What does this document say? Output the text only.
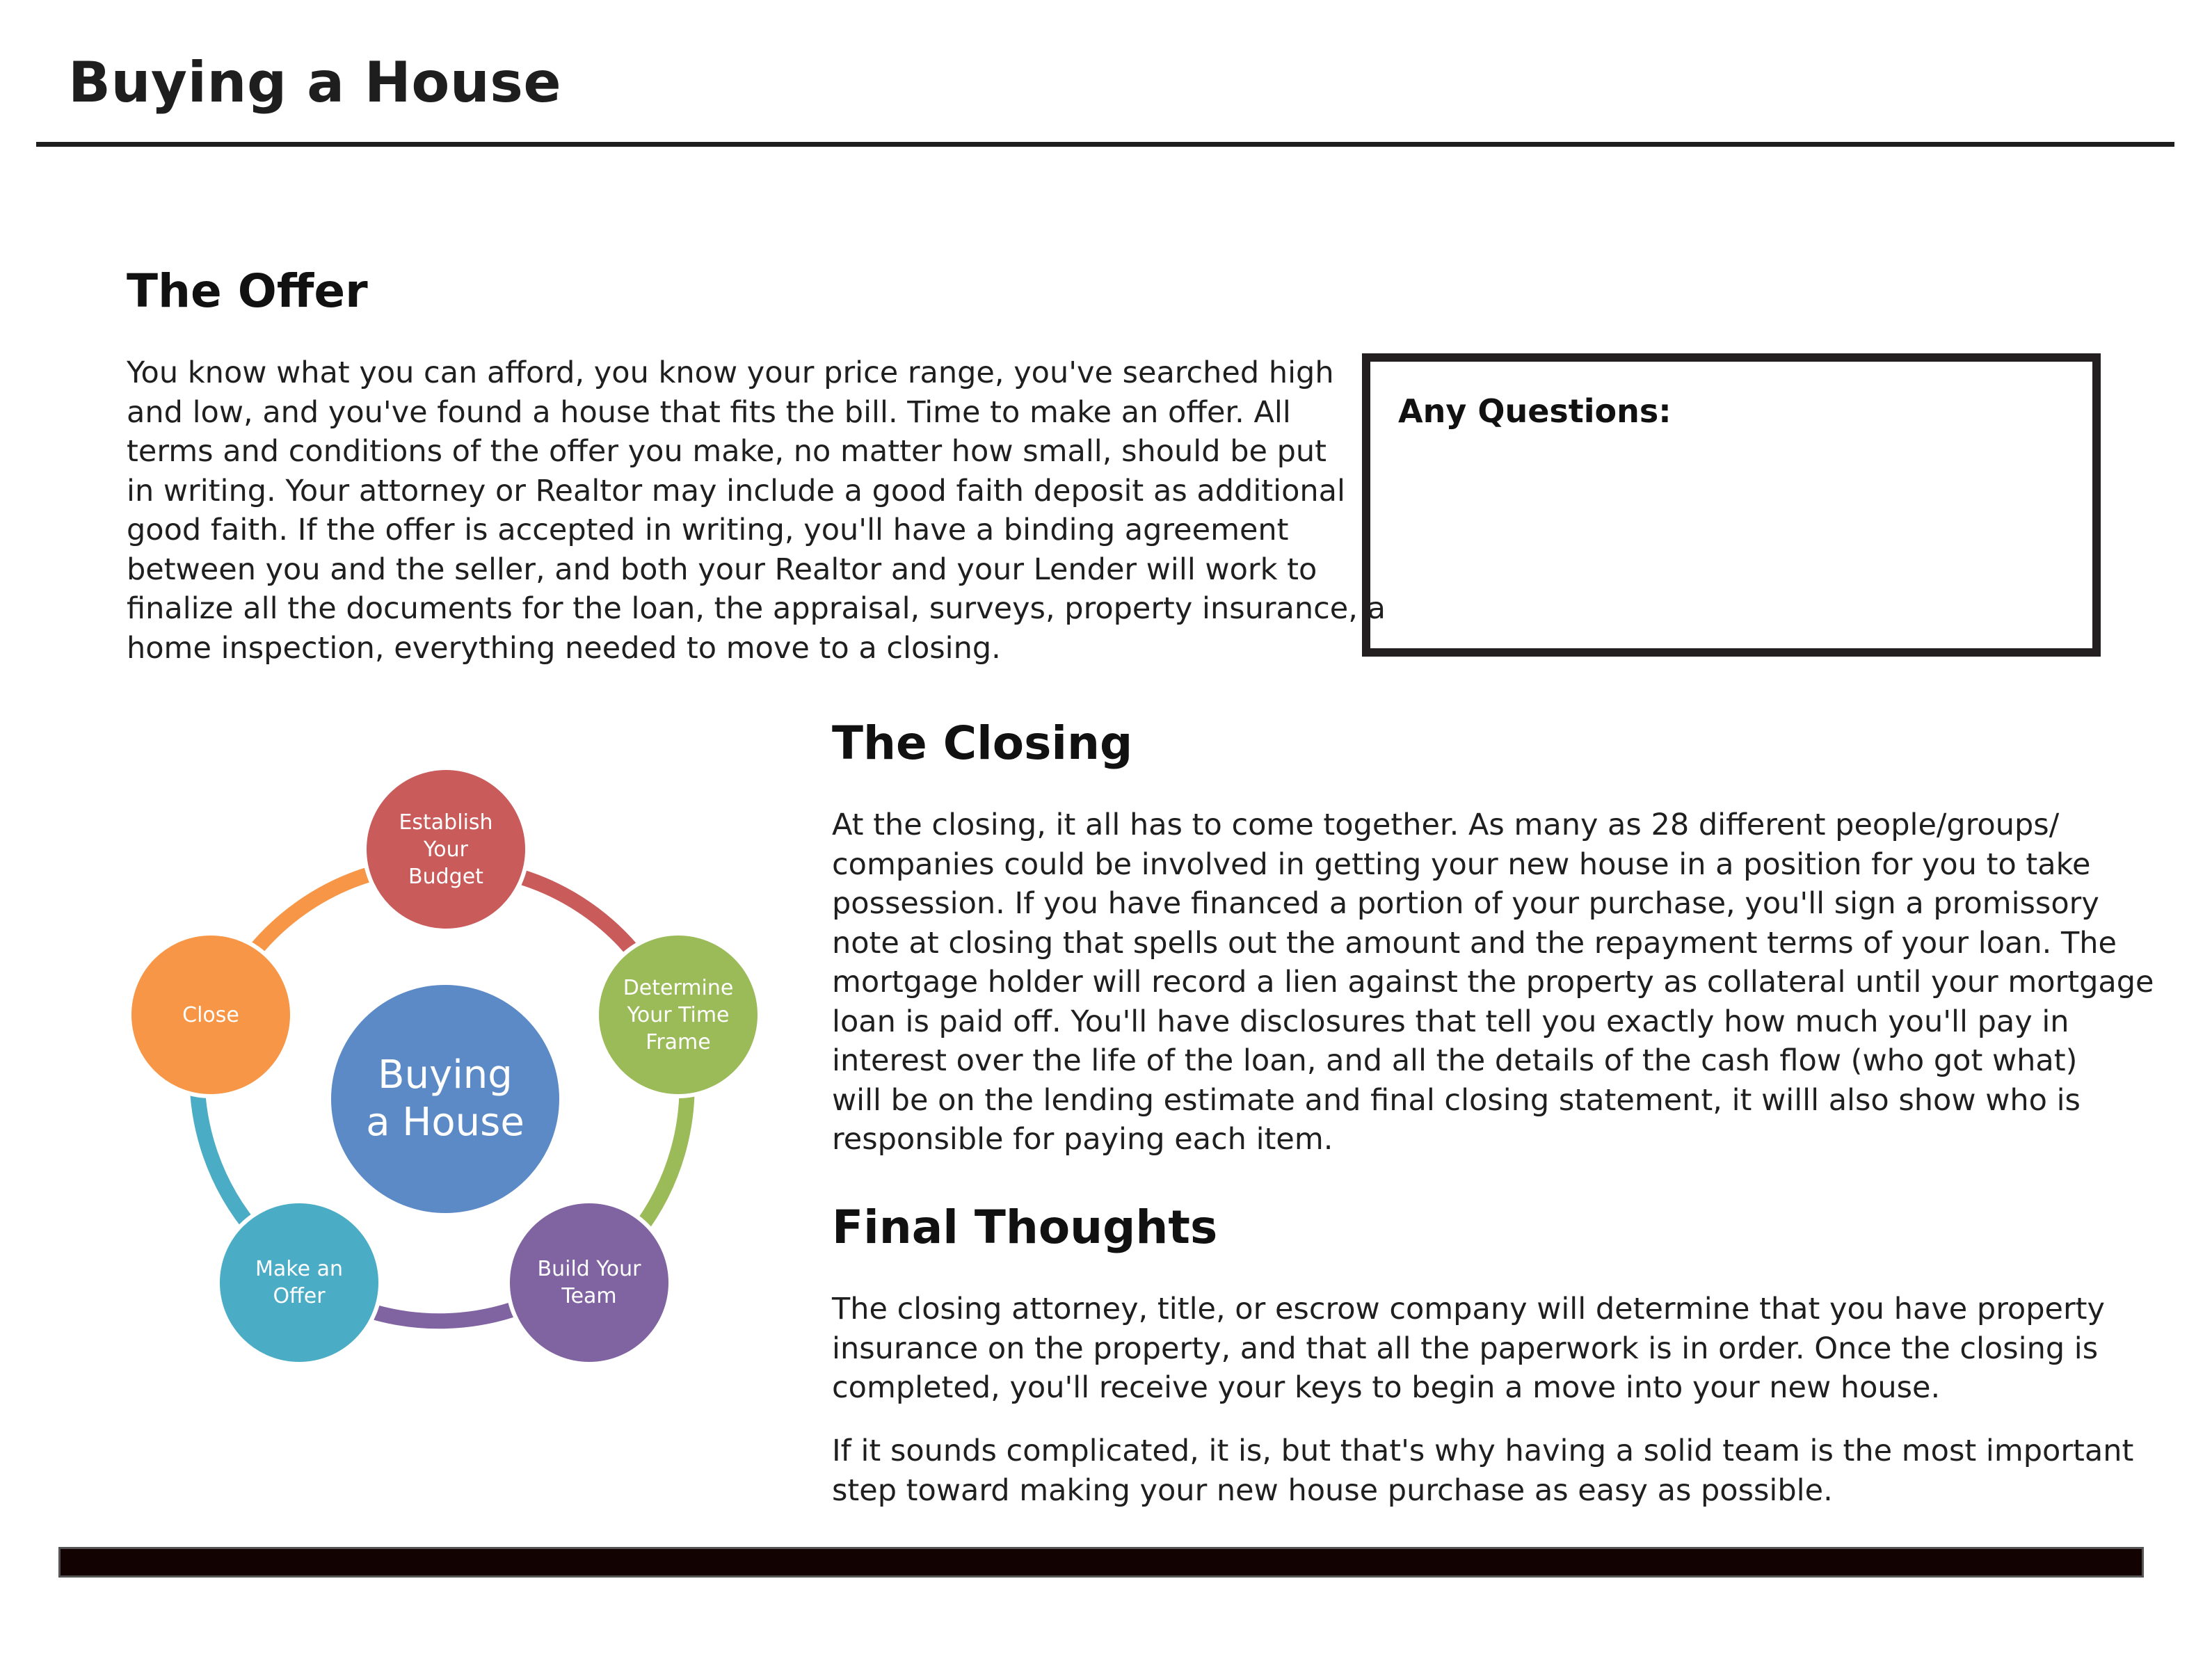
Buying a House
The Offer

You know what you can afford, you know your price range, you've searched high
and low, and you've found a house that fits the bill. Time to make an offer. All
terms and conditions of the offer you make, no matter how small, should be put
in writing. Your attorney or Realtor may include a good faith deposit as additional
good faith. If the offer is accepted in writing, you'll have a binding agreement
between you and the seller, and both your Realtor and your Lender will work to
finalize all the documents for the loan, the appraisal, surveys, property insurance, a
home inspection, everything needed to move to a closing.

Any Questions:
Buying
a House
Establish
Your
Budget
Determine
Your Time
Frame
Build Your
Team
Make an
Offer
Close
The Closing

At the closing, it all has to come together. As many as 28 different people/groups/
companies could be involved in getting your new house in a position for you to take
possession. If you have financed a portion of your purchase, you'll sign a promissory
note at closing that spells out the amount and the repayment terms of your loan. The
mortgage holder will record a lien against the property as collateral until your mortgage
loan is paid off. You'll have disclosures that tell you exactly how much you'll pay in
interest over the life of the loan, and all the details of the cash flow (who got what)
will be on the lending estimate and final closing statement, it willl also show who is
responsible for paying each item.

Final Thoughts

The closing attorney, title, or escrow company will determine that you have property
insurance on the property, and that all the paperwork is in order. Once the closing is
completed, you'll receive your keys to begin a move into your new house.

If it sounds complicated, it is, but that's why having a solid team is the most important
step toward making your new house purchase as easy as possible.
